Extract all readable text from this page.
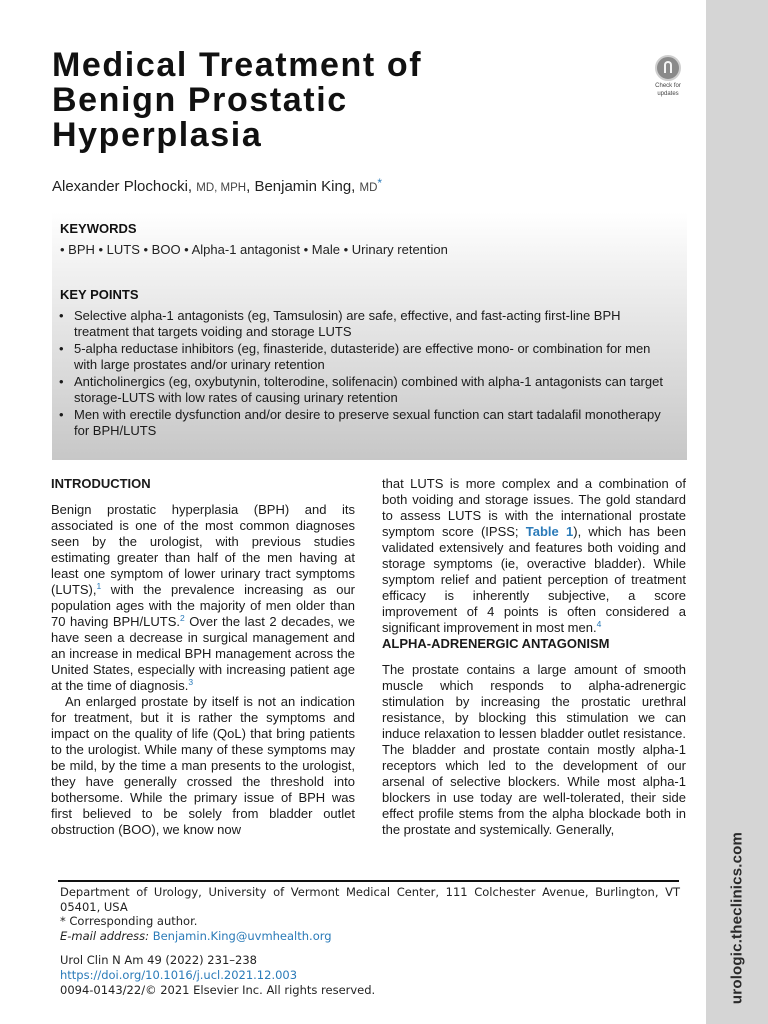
urologic.theclinics.com
Medical Treatment of
Benign Prostatic
Hyperplasia
Check for
updates
Alexander Plochocki, MD, MPH, Benjamin King, MD*
KEYWORDS
• BPH • LUTS • BOO • Alpha-1 antagonist • Male • Urinary retention
KEY POINTS
• Selective alpha-1 antagonists (eg, Tamsulosin) are safe, effective, and fast-acting first-line BPH treatment that targets voiding and storage LUTS
• 5-alpha reductase inhibitors (eg, finasteride, dutasteride) are effective mono- or combination for men with large prostates and/or urinary retention
• Anticholinergics (eg, oxybutynin, tolterodine, solifenacin) combined with alpha-1 antagonists can target storage-LUTS with low rates of causing urinary retention
• Men with erectile dysfunction and/or desire to preserve sexual function can start tadalafil monotherapy for BPH/LUTS
INTRODUCTION

Benign prostatic hyperplasia (BPH) and its associated is one of the most common diagnoses seen by the urologist, with previous studies estimating greater than half of the men having at least one symptom of lower urinary tract symptoms (LUTS),$^1$ with the prevalence increasing as our population ages with the majority of men older than 70 having BPH/LUTS.$^2$ Over the last 2 decades, we have seen a decrease in surgical management and an increase in medical BPH management across the United States, especially with increasing patient age at the time of diagnosis.$^3$

An enlarged prostate by itself is not an indication for treatment, but it is rather the symptoms and impact on the quality of life (QoL) that bring patients to the urologist. While many of these symptoms may be mild, by the time a man presents to the urologist, they have generally crossed the threshold into bothersome. While the primary issue of BPH was first believed to be solely from bladder outlet obstruction (BOO), we know now

that LUTS is more complex and a combination of both voiding and storage issues. The gold standard to assess LUTS is with the international prostate symptom score (IPSS; Table 1), which has been validated extensively and features both voiding and storage symptoms (ie, overactive bladder). While symptom relief and patient perception of treatment efficacy is inherently subjective, a score improvement of 4 points is often considered a significant improvement in most men.$^4$

ALPHA-ADRENERGIC ANTAGONISM

The prostate contains a large amount of smooth muscle which responds to alpha-adrenergic stimulation by increasing the prostatic urethral resistance, by blocking this stimulation we can induce relaxation to lessen bladder outlet resistance. The bladder and prostate contain mostly alpha-1 receptors which led to the development of our arsenal of selective blockers. While most alpha-1 blockers in use today are well-tolerated, their side effect profile stems from the alpha blockade both in the prostate and systemically. Generally,

Department of Urology, University of Vermont Medical Center, 111 Colchester Avenue, Burlington, VT 05401, USA
* Corresponding author.
E-mail address: Benjamin.King@uvmhealth.org
Urol Clin N Am 49 (2022) 231–238
https://doi.org/10.1016/j.ucl.2021.12.003
0094-0143/22/© 2021 Elsevier Inc. All rights reserved.
